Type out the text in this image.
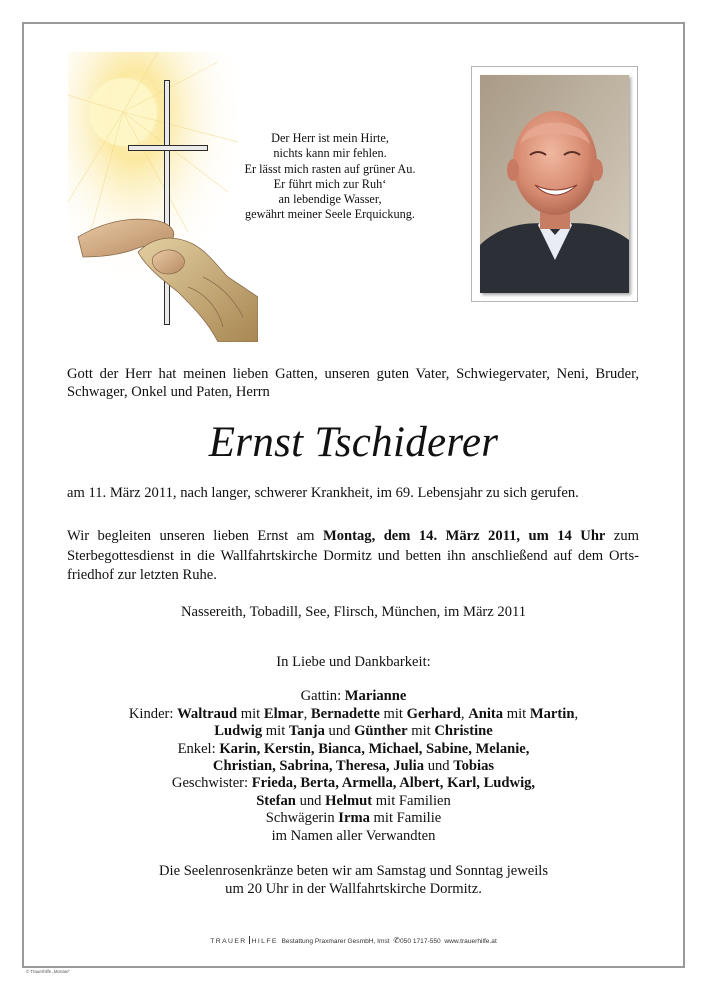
Der Herr ist mein Hirte,
nichts kann mir fehlen.
Er lässt mich rasten auf grüner Au.
Er führt mich zur Ruh‘
an lebendige Wasser,
gewährt meiner Seele Erquickung.
Gott der Herr hat meinen lieben Gatten, unseren guten Vater, Schwiegervater, Neni, Bruder,
Schwager, Onkel und Paten, Herrn
Ernst Tschiderer
am 11. März 2011, nach langer, schwerer Krankheit, im 69. Lebensjahr zu sich gerufen.
Wir begleiten unseren lieben Ernst am Montag, dem 14. März 2011, um 14 Uhr zum
Sterbegottesdienst in die Wallfahrtskirche Dormitz und betten ihn anschließend auf dem Orts-
friedhof zur letzten Ruhe.
Nassereith, Tobadill, See, Flirsch, München, im März 2011
In Liebe und Dankbarkeit:
Gattin: Marianne
Kinder: Waltraud mit Elmar, Bernadette mit Gerhard, Anita mit Martin,
Ludwig mit Tanja und Günther mit Christine
Enkel: Karin, Kerstin, Bianca, Michael, Sabine, Melanie,
Christian, Sabrina, Theresa, Julia und Tobias
Geschwister: Frieda, Berta, Armella, Albert, Karl, Ludwig,
Stefan und Helmut mit Familien
Schwägerin Irma mit Familie
im Namen aller Verwandten
Die Seelenrosenkränze beten wir am Samstag und Sonntag jeweils
um 20 Uhr in der Wallfahrtskirche Dormitz.
TRAUER HILFE Bestattung Praxmarer GesmbH, Imst ✆050 1717-550 www.trauerhilfe.at
© Trauerhilfe „Monate“
